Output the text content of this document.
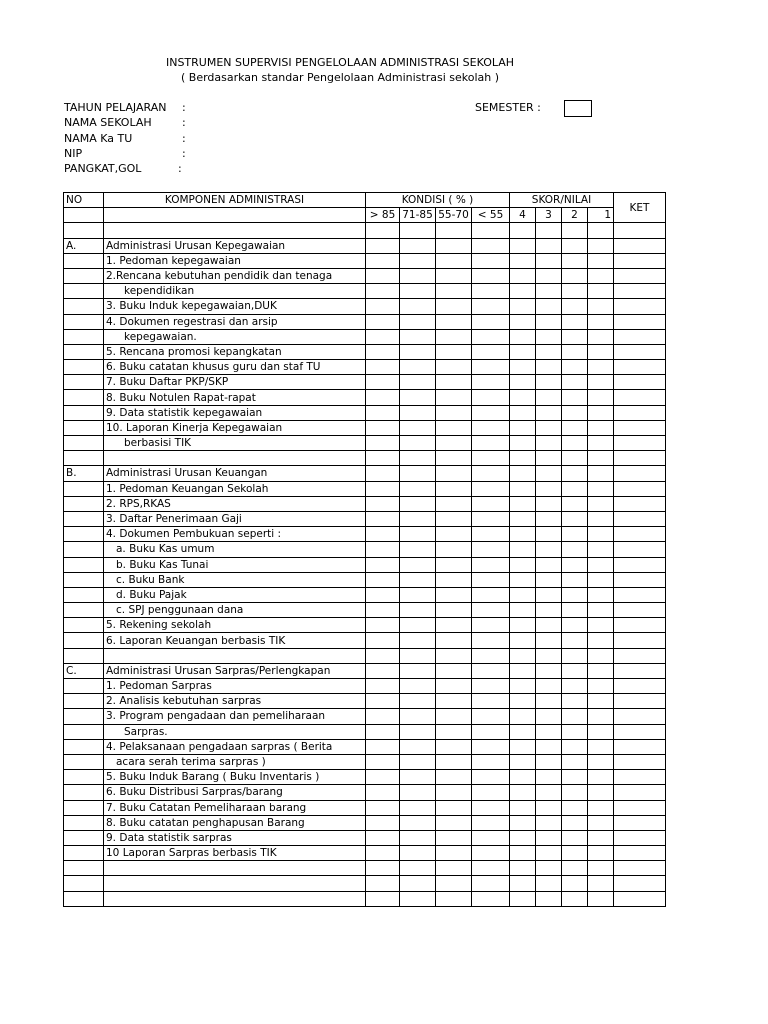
INSTRUMEN SUPERVISI PENGELOLAAN ADMINISTRASI SEKOLAH
( Berdasarkan standar Pengelolaan Administrasi sekolah )
TAHUN PELAJARAN :
NAMA SEKOLAH	:
NAMA Ka TU	:
NIP	:
PANGKAT,GOL	:
SEMESTER :
NO	KOMPONEN ADMINISTRASI	KONDISI ( % )				SKOR/NILAI				KET
		> 85	71-85	55-70	< 55	4	3	2	1	

A.	Administrasi Urusan Kepegawaian									
	1. Pedoman kepegawaian									
	2.Rencana kebutuhan pendidik dan tenaga									
	kependidikan									
	3. Buku Induk kepegawaian,DUK									
	4. Dokumen regestrasi dan arsip									
	kepegawaian.									
	5. Rencana promosi kepangkatan									
	6. Buku catatan khusus guru dan staf TU									
	7. Buku Daftar PKP/SKP									
	8. Buku Notulen Rapat-rapat									
	9. Data statistik kepegawaian									
	10. Laporan Kinerja Kepegawaian									
	berbasisi TIK									

B.	Administrasi Urusan Keuangan									
	1. Pedoman Keuangan Sekolah									
	2. RPS,RKAS									
	3. Daftar Penerimaan Gaji									
	4. Dokumen Pembukuan seperti :									
	a. Buku Kas umum									
	b. Buku Kas Tunai									
	c. Buku Bank									
	d. Buku Pajak									
	c. SPJ penggunaan dana									
	5. Rekening sekolah									
	6. Laporan Keuangan berbasis TIK									

C.	Administrasi Urusan Sarpras/Perlengkapan									
	1. Pedoman Sarpras									
	2. Analisis kebutuhan sarpras									
	3. Program pengadaan dan pemeliharaan									
	Sarpras.									
	4. Pelaksanaan pengadaan sarpras ( Berita									
	acara serah terima sarpras )									
	5. Buku Induk Barang ( Buku Inventaris )									
	6. Buku Distribusi Sarpras/barang									
	7. Buku Catatan Pemeliharaan barang									
	8. Buku catatan penghapusan Barang									
	9. Data statistik sarpras									
	10 Laporan Sarpras berbasis TIK									
